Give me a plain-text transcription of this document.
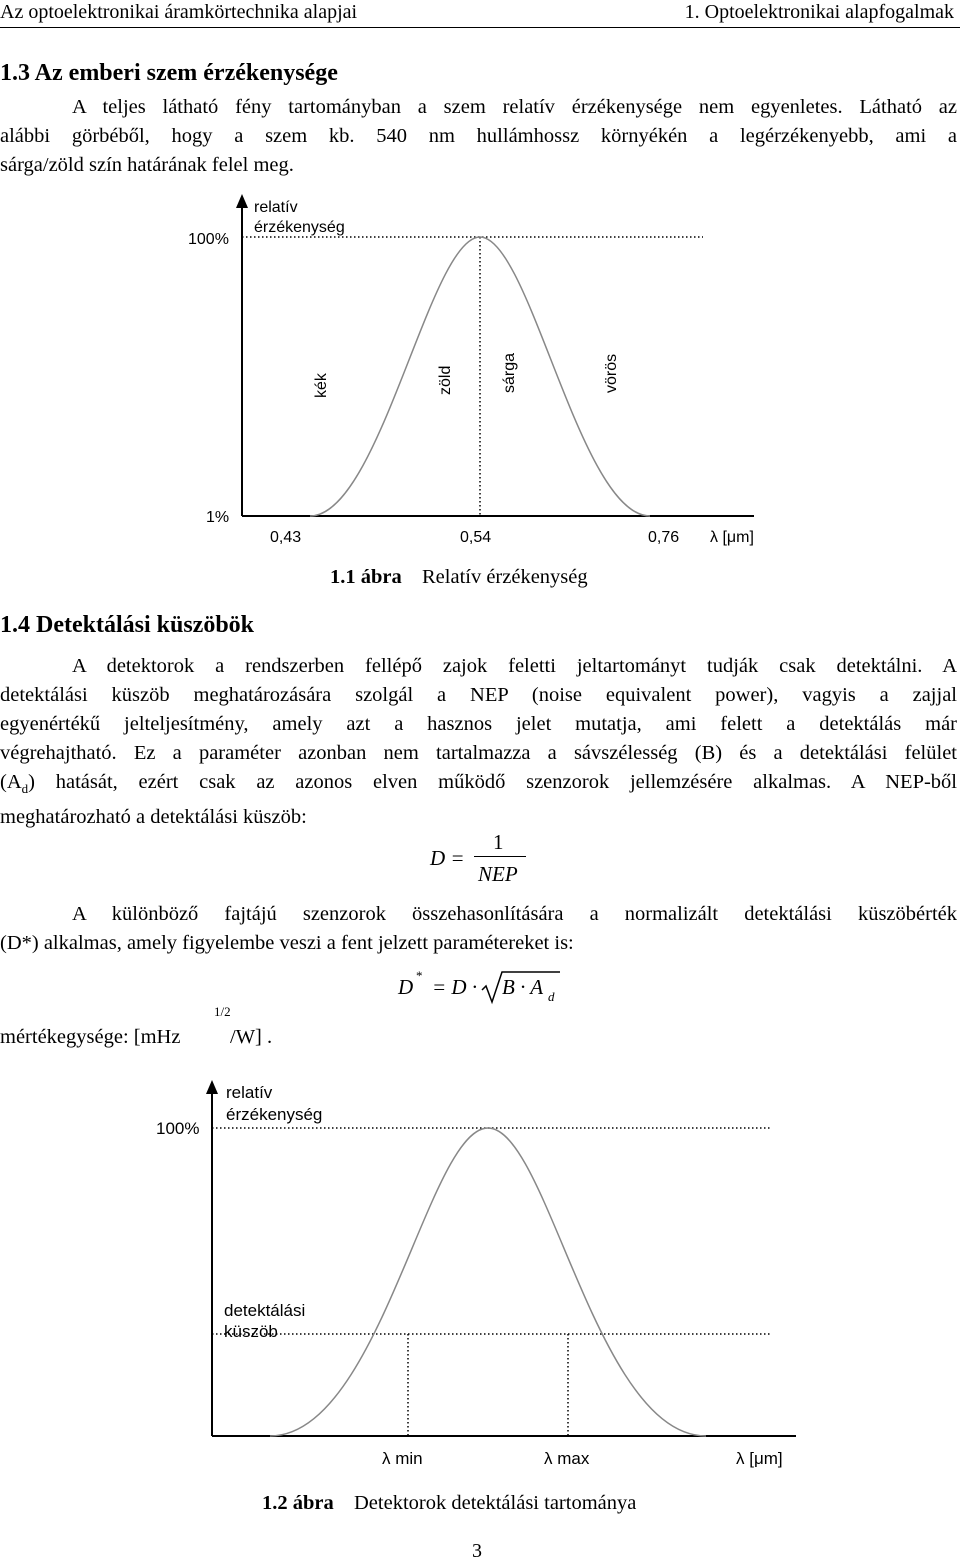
Az optoelektronikai áramkörtechnika alapjai	1. Optoelektronikai alapfogalmak
1.3 Az emberi szem érzékenysége
A teljes látható fény tartományban a szem relatív érzékenysége nem egyenletes. Látható az
alábbi görbéből, hogy a szem kb. 540 nm hullámhossz környékén a legérzékenyebb, ami a
sárga/zöld szín határának felel meg.
relatív
érzékenység
100%
1%
kék	zöld	sárga	vörös
0,43	0,54	0,76 λ [μm]
1.1 ábra Relatív érzékenység
1.4 Detektálási küszöbök
A detektorok a rendszerben fellépő zajok feletti jeltartományt tudják csak detektálni. A
detektálási küszöb meghatározására szolgál a NEP (noise equivalent power), vagyis a zajjal
egyenértékű jelteljesítmény, amely azt a hasznos jelet mutatja, ami felett a detektálás már
végrehajtható. Ez a paraméter azonban nem tartalmazza a sávszélesség (B) és a detektálási felület
$(A_d)$ hatását, ezért csak az azonos elven működő szenzorok jellemzésére alkalmas. A NEP-ből
meghatározható a detektálási küszöb:
D =
1
NEP
A különböző fajtájú szenzorok összehasonlítására a normalizált detektálási küszöbérték
(D*) alkalmas, amely figyelembe veszi a fent jelzett paramétereket is:
D * = D · B · A d
mértékegysége: [mHz
1/2
/W] .
relatív
érzékenység
100%
detektálási
küszöb
λ min	λ max	λ [μm]
1.2 ábra Detektorok detektálási tartománya
3
